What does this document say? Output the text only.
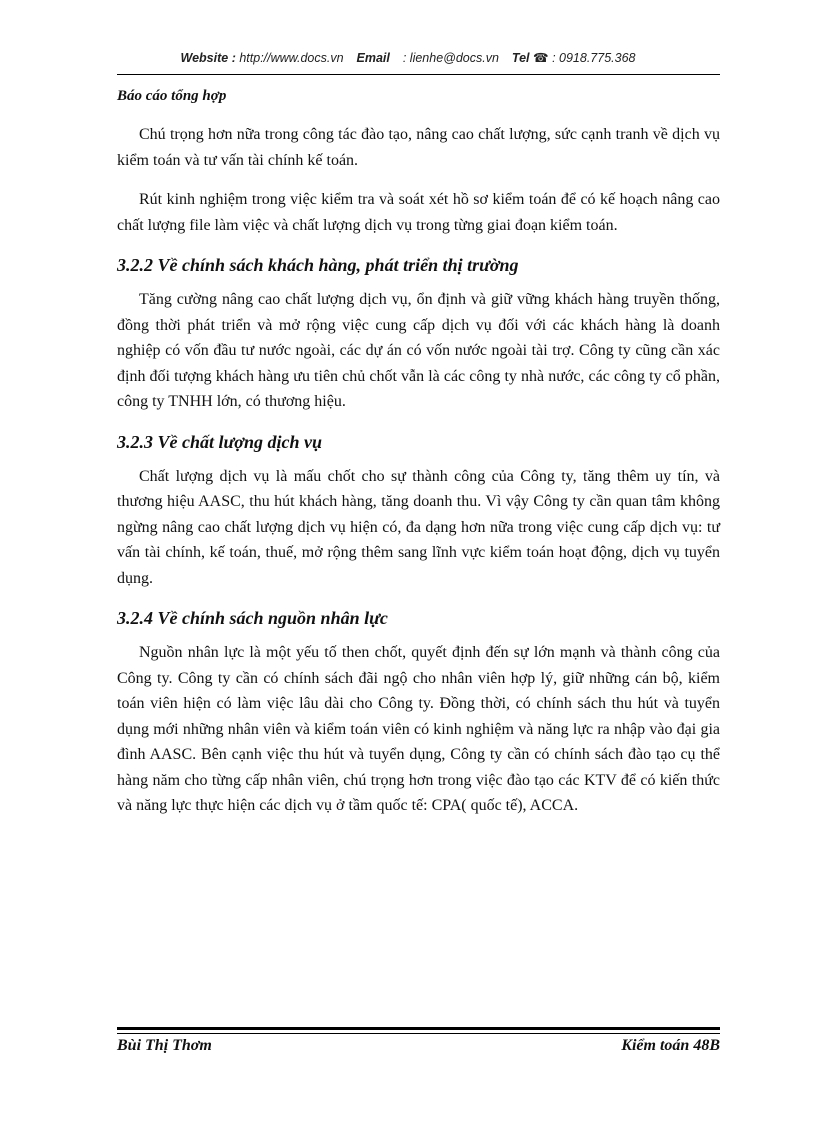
Website : http://www.docs.vn Email : lienhe@docs.vn Tel ☎ : 0918.775.368
Báo cáo tổng hợp

Chú trọng hơn nữa trong công tác đào tạo, nâng cao chất lượng, sức cạnh tranh về dịch vụ kiểm toán và tư vấn tài chính kế toán.

Rút kinh nghiệm trong việc kiểm tra và soát xét hồ sơ kiểm toán để có kế hoạch nâng cao chất lượng file làm việc và chất lượng dịch vụ trong từng giai đoạn kiểm toán.

3.2.2 Về chính sách khách hàng, phát triển thị trường

Tăng cường nâng cao chất lượng dịch vụ, ổn định và giữ vững khách hàng truyền thống, đồng thời phát triển và mở rộng việc cung cấp dịch vụ đối với các khách hàng là doanh nghiệp có vốn đầu tư nước ngoài, các dự án có vốn nước ngoài tài trợ. Công ty cũng cần xác định đối tượng khách hàng ưu tiên chủ chốt vẫn là các công ty nhà nước, các công ty cổ phần, công ty TNHH lớn, có thương hiệu.

3.2.3 Về chất lượng dịch vụ

Chất lượng dịch vụ là mấu chốt cho sự thành công của Công ty, tăng thêm uy tín, và thương hiệu AASC, thu hút khách hàng, tăng doanh thu. Vì vậy Công ty cần quan tâm không ngừng nâng cao chất lượng dịch vụ hiện có, đa dạng hơn nữa trong việc cung cấp dịch vụ: tư vấn tài chính, kế toán, thuế, mở rộng thêm sang lĩnh vực kiểm toán hoạt động, dịch vụ tuyển dụng.

3.2.4 Về chính sách nguồn nhân lực

Nguồn nhân lực là một yếu tố then chốt, quyết định đến sự lớn mạnh và thành công của Công ty. Công ty cần có chính sách đãi ngộ cho nhân viên hợp lý, giữ những cán bộ, kiểm toán viên hiện có làm việc lâu dài cho Công ty. Đồng thời, có chính sách thu hút và tuyển dụng mới những nhân viên và kiểm toán viên có kinh nghiệm và năng lực ra nhập vào đại gia đình AASC. Bên cạnh việc thu hút và tuyển dụng, Công ty cần có chính sách đào tạo cụ thể hàng năm cho từng cấp nhân viên, chú trọng hơn trong việc đào tạo các KTV để có kiến thức và năng lực thực hiện các dịch vụ ở tầm quốc tế: CPA( quốc tế), ACCA.

Bùi Thị Thơm	Kiểm toán 48B
